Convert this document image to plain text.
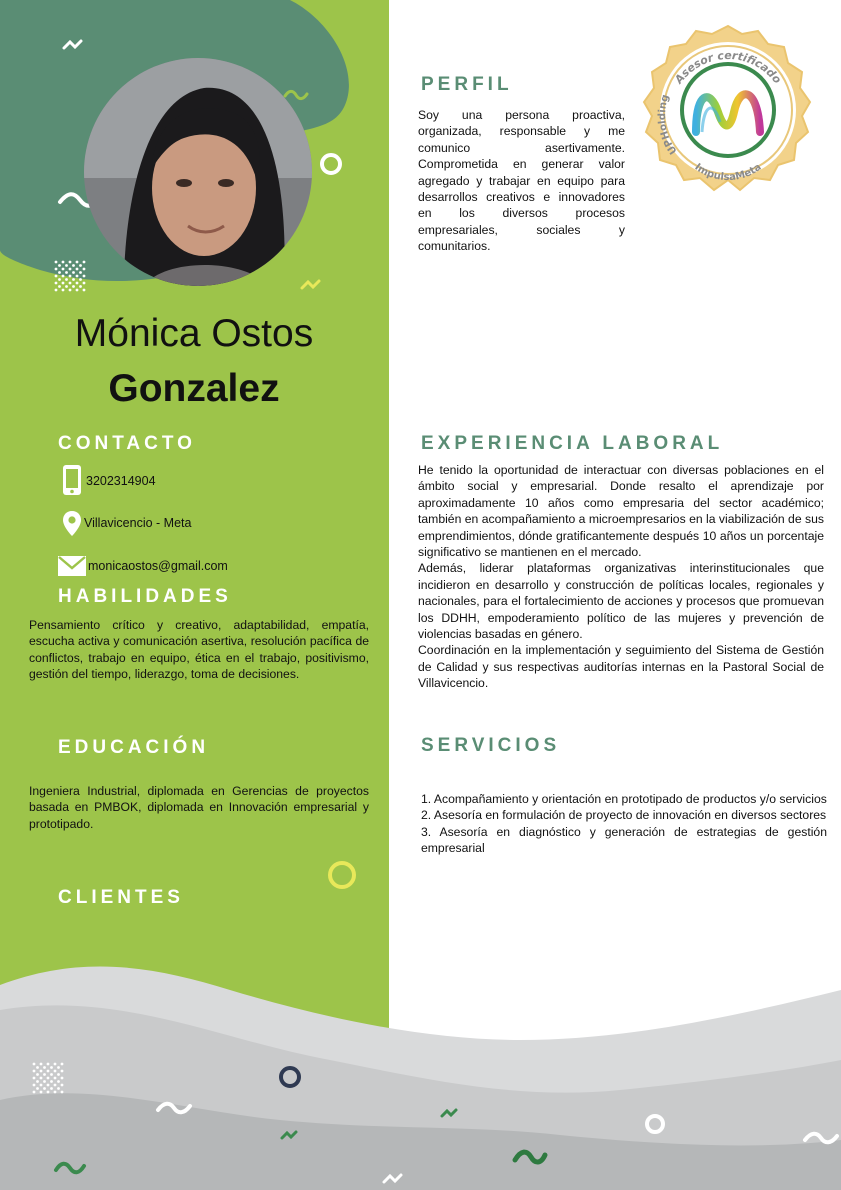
Mónica Ostos
Gonzalez
CONTACTO
3202314904
Villavicencio - Meta
monicaostos@gmail.com
HABILIDADES
Pensamiento crítico y creativo, adaptabilidad, empatía, escucha activa y comunicación asertiva, resolución pacífica de conflictos, trabajo en equipo, ética en el trabajo, positivismo, gestión del tiempo, liderazgo, toma de decisiones.
EDUCACIÓN
Ingeniera Industrial, diplomada en Gerencias de proyectos basada en PMBOK, diplomada en Innovación empresarial y prototipado.
CLIENTES
PERFIL
Soy una persona proactiva, organizada, responsable y me comunico asertivamente. Comprometida en generar valor agregado y trabajar en equipo para desarrollos creativos e innovadores en los diversos procesos empresariales, sociales y comunitarios.
Asesor certificado
UPHolding
ImpulsaMeta
EXPERIENCIA LABORAL

He tenido la oportunidad de interactuar con diversas poblaciones en el ámbito social y empresarial. Donde resalto el aprendizaje por aproximadamente 10 años como empresaria del sector académico; también en acompañamiento a microempresarios en la viabilización de sus emprendimientos, dónde gratificantemente después 10 años un porcentaje significativo se mantienen en el mercado.

Además, liderar plataformas organizativas interinstitucionales que incidieron en desarrollo y construcción de políticas locales, regionales y nacionales, para el fortalecimiento de acciones y procesos que promuevan los DDHH, empoderamiento político de las mujeres y prevención de violencias basadas en género.

Coordinación en la implementación y seguimiento del Sistema de Gestión de Calidad y sus respectivas auditorías internas en la Pastoral Social de Villavicencio.

SERVICIOS

1. Acompañamiento y orientación en prototipado de productos y/o servicios

2. Asesoría en formulación de proyecto de innovación en diversos sectores

3. Asesoría en diagnóstico y generación de estrategias de gestión empresarial
